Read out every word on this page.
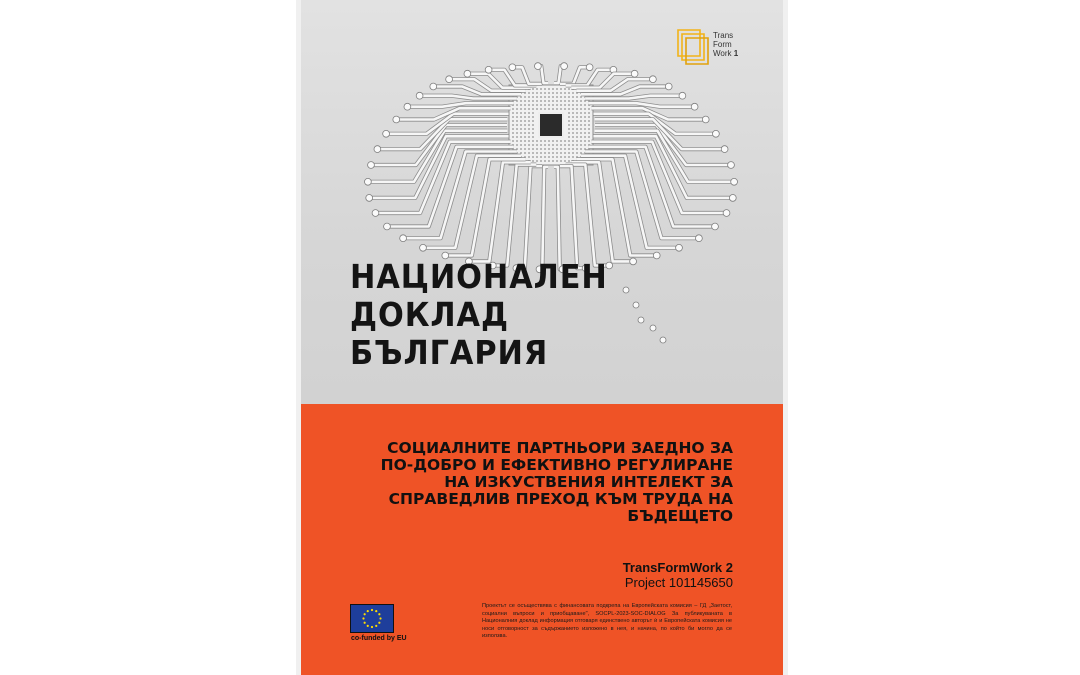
Trans
Form
Work 1
НАЦИОНАЛЕН
ДОКЛАД
БЪЛГАРИЯ
СОЦИАЛНИТЕ ПАРТНЬОРИ ЗАЕДНО ЗА
ПО-ДОБРО И ЕФЕКТИВНО РЕГУЛИРАНЕ
НА ИЗКУСТВЕНИЯ ИНТЕЛЕКТ ЗА
СПРАВЕДЛИВ ПРЕХОД КЪМ ТРУДА НА
БЪДЕЩЕТО
TransFormWork 2
Project 101145650
co-funded by EU
Проектът се осъществява с финансовата подкрепа на Европейската комисия – ГД „Заетост, социални въпроси и приобщаване", SOCPL-2023-SOC-DIALOG За публикуваната в Националния доклад информация отговаря единствено авторът ѝ и Европейската комисия не носи отговорност за съдържанието изложено в нея, и начина, по който би могло да се използва.
